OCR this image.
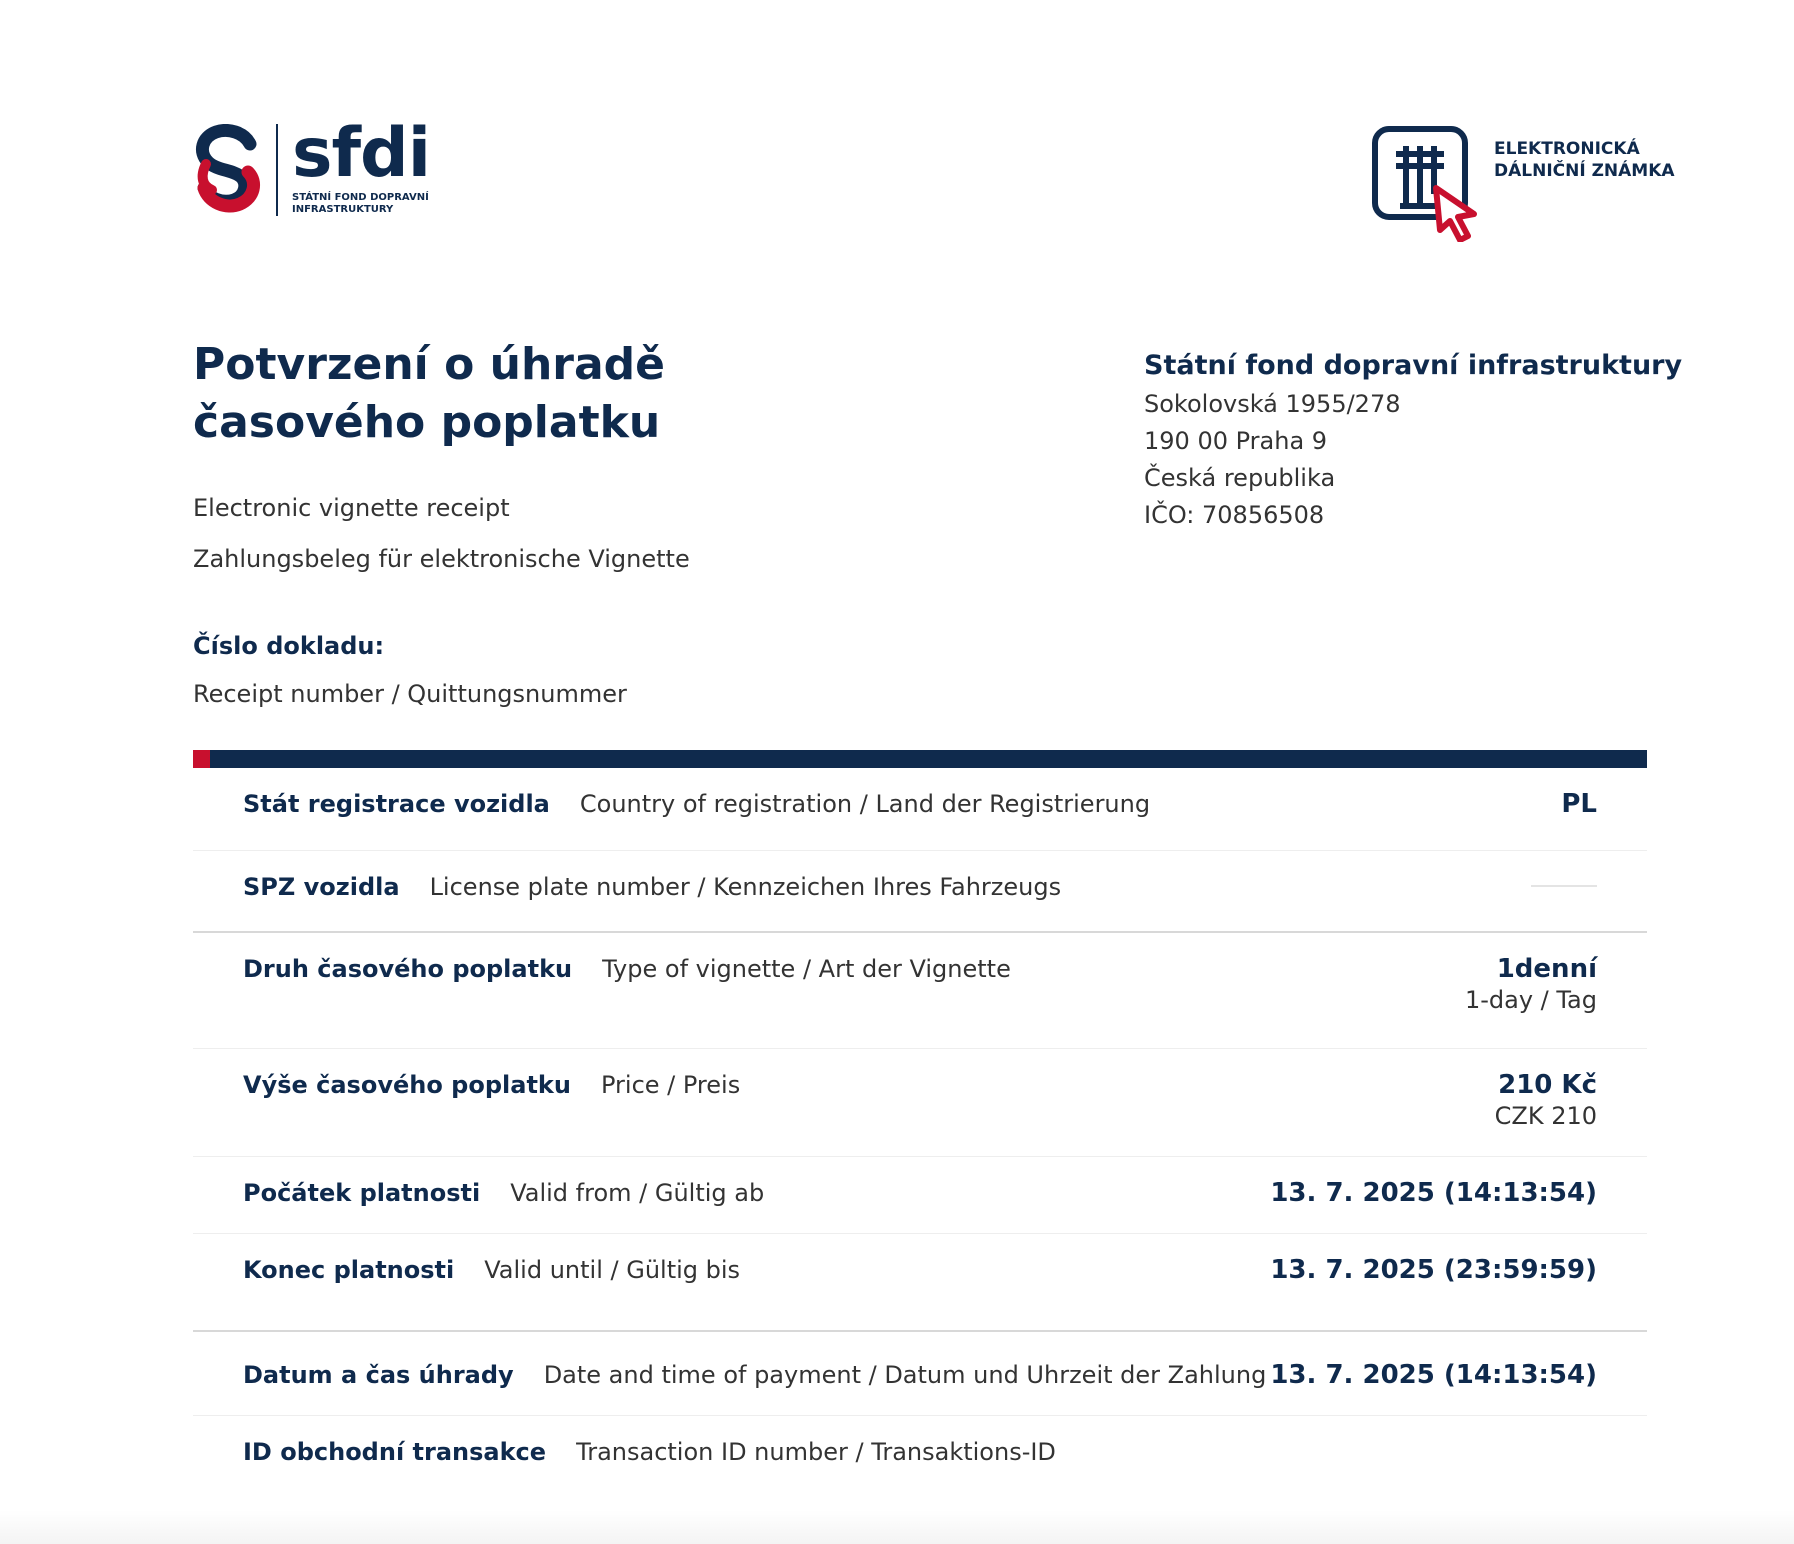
sfdi
STÁTNÍ FOND DOPRAVNÍ INFRASTRUKTURY
ELEKTRONICKÁ
DÁLNIČNÍ ZNÁMKA
Potvrzení o úhradě
časového poplatku
Electronic vignette receipt
Zahlungsbeleg für elektronische Vignette
Číslo dokladu:
Receipt number / Quittungsnummer
Státní fond dopravní infrastruktury
Sokolovská 1955/278
190 00 Praha 9
Česká republika
IČO: 70856508
Stát registrace vozidla Country of registration / Land der Registrierung	PL
SPZ vozidla License plate number / Kennzeichen Ihres Fahrzeugs
Druh časového poplatku Type of vignette / Art der Vignette	1denní
1-day / Tag
Výše časového poplatku Price / Preis	210 Kč
CZK 210
Počátek platnosti Valid from / Gültig ab	13. 7. 2025 (14:13:54)
Konec platnosti Valid until / Gültig bis	13. 7. 2025 (23:59:59)
Datum a čas úhrady Date and time of payment / Datum und Uhrzeit der Zahlung 13. 7. 2025 (14:13:54)
ID obchodní transakce Transaction ID number / Transaktions-ID
